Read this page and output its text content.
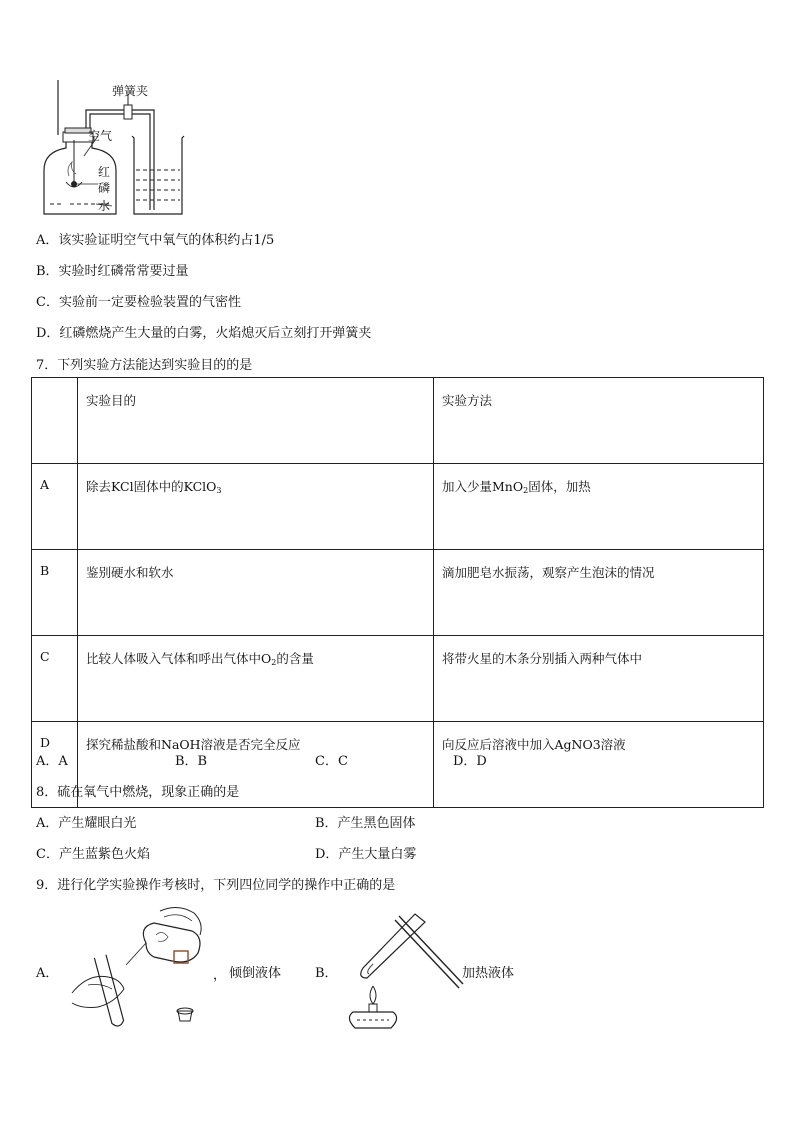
弹簧夹
空气
红
磷
水
A．该实验证明空气中氧气的体积约占1/5
B．实验时红磷常常要过量
C．实验前一定要检验装置的气密性
D．红磷燃烧产生大量的白雾，火焰熄灭后立刻打开弹簧夹
7．下列实验方法能达到实验目的的是
	实验目的	实验方法
A	除去KCl固体中的KClO$_3$	加入少量MnO$_2$固体，加热
B	鉴别硬水和软水	滴加肥皂水振荡，观察产生泡沫的情况
C	比较人体吸入气体和呼出气体中$O_2$的含量	将带火星的木条分别插入两种气体中
D	探究稀盐酸和NaOH溶液是否完全反应	向反应后溶液中加入AgNO3溶液
A．A	B．B	C．C	D．D
8．硫在氧气中燃烧，现象正确的是
A．产生耀眼白光	B．产生黑色固体
C．产生蓝紫色火焰	D．产生大量白雾
9．进行化学实验操作考核时，下列四位同学的操作中正确的是
A．	， 倾倒液体	B．	加热液体
